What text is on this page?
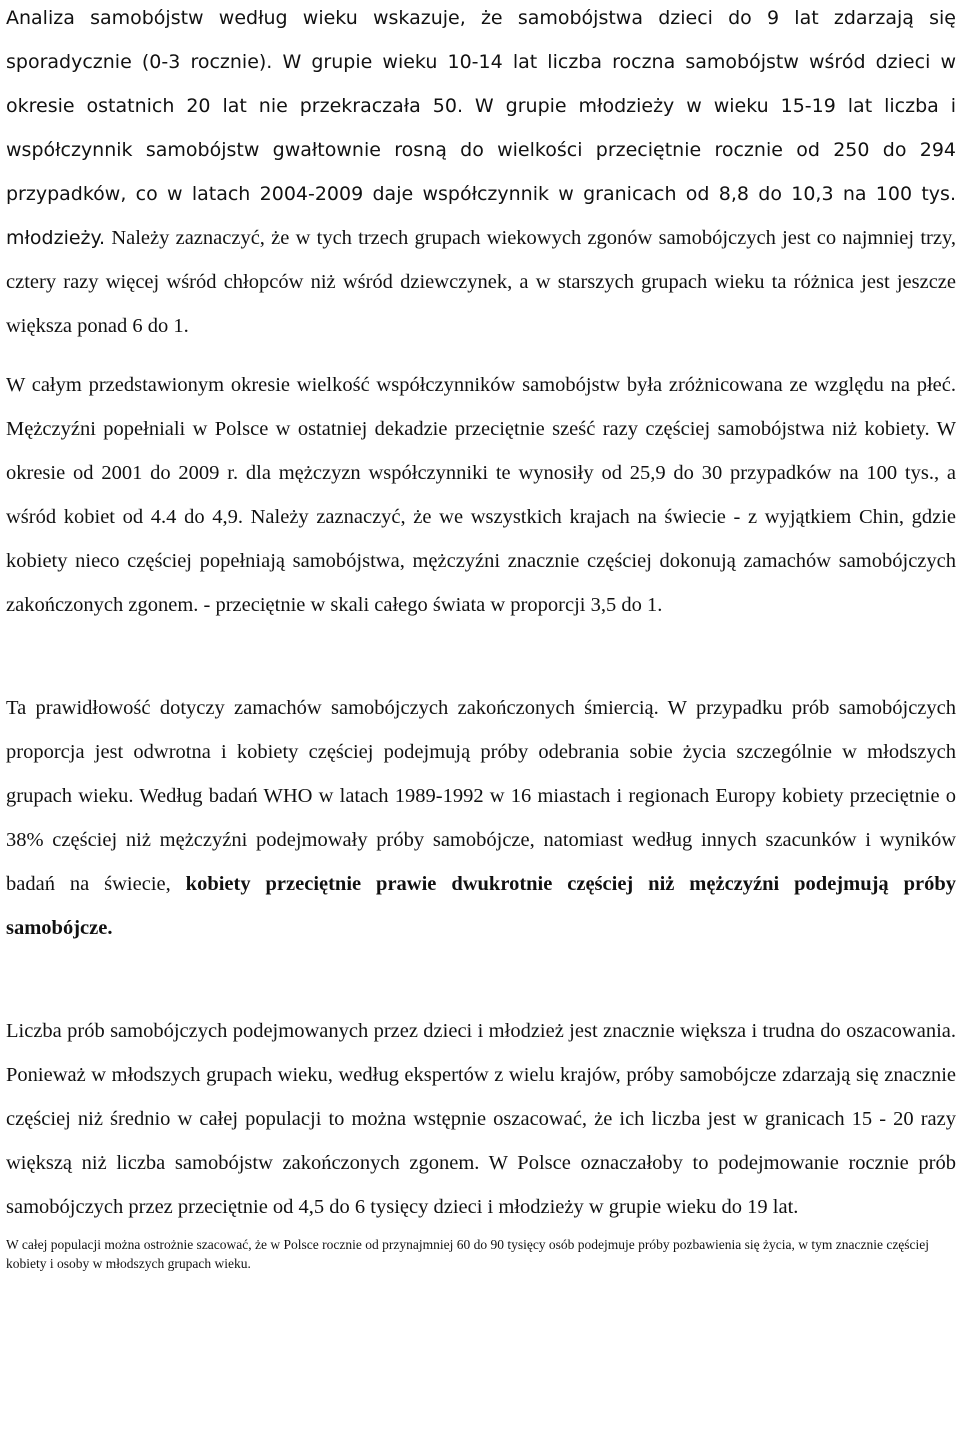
Analiza samobójstw według wieku wskazuje, że samobójstwa dzieci do 9 lat zdarzają się sporadycznie (0-3 rocznie). W grupie wieku 10-14 lat liczba roczna samobójstw wśród dzieci w okresie ostatnich 20 lat nie przekraczała 50. W grupie młodzieży w wieku 15-19 lat liczba i współczynnik samobójstw gwałtownie rosną do wielkości przeciętnie rocznie od 250 do 294 przypadków, co w latach 2004-2009 daje współczynnik w granicach od 8,8 do 10,3 na 100 tys. młodzieży. Należy zaznaczyć, że w tych trzech grupach wiekowych zgonów samobójczych jest co najmniej trzy, cztery razy więcej wśród chłopców niż wśród dziewczynek, a w starszych grupach wieku ta różnica jest jeszcze większa ponad 6 do 1.

W całym przedstawionym okresie wielkość współczynników samobójstw była zróżnicowana ze względu na płeć. Mężczyźni popełniali w Polsce w ostatniej dekadzie przeciętnie sześć razy częściej samobójstwa niż kobiety. W okresie od 2001 do 2009 r. dla mężczyzn współczynniki te wynosiły od 25,9 do 30 przypadków na 100 tys., a wśród kobiet od 4.4 do 4,9. Należy zaznaczyć, że we wszystkich krajach na świecie - z wyjątkiem Chin, gdzie kobiety nieco częściej popełniają samobójstwa, mężczyźni znacznie częściej dokonują zamachów samobójczych zakończonych zgonem. - przeciętnie w skali całego świata w proporcji 3,5 do 1.

Ta prawidłowość dotyczy zamachów samobójczych zakończonych śmiercią. W przypadku prób samobójczych proporcja jest odwrotna i kobiety częściej podejmują próby odebrania sobie życia szczególnie w młodszych grupach wieku. Według badań WHO w latach 1989-1992 w 16 miastach i regionach Europy kobiety przeciętnie o 38% częściej niż mężczyźni podejmowały próby samobójcze, natomiast według innych szacunków i wyników badań na świecie, kobiety przeciętnie prawie dwukrotnie częściej niż mężczyźni podejmują próby samobójcze.

Liczba prób samobójczych podejmowanych przez dzieci i młodzież jest znacznie większa i trudna do oszacowania. Ponieważ w młodszych grupach wieku, według ekspertów z wielu krajów, próby samobójcze zdarzają się znacznie częściej niż średnio w całej populacji to można wstępnie oszacować, że ich liczba jest w granicach 15 - 20 razy większą niż liczba samobójstw zakończonych zgonem. W Polsce oznaczałoby to podejmowanie rocznie prób samobójczych przez przeciętnie od 4,5 do 6 tysięcy dzieci i młodzieży w grupie wieku do 19 lat.

W całej populacji można ostrożnie szacować, że w Polsce rocznie od przynajmniej 60 do 90 tysięcy osób podejmuje próby pozbawienia się życia, w tym znacznie częściej kobiety i osoby w młodszych grupach wieku.
